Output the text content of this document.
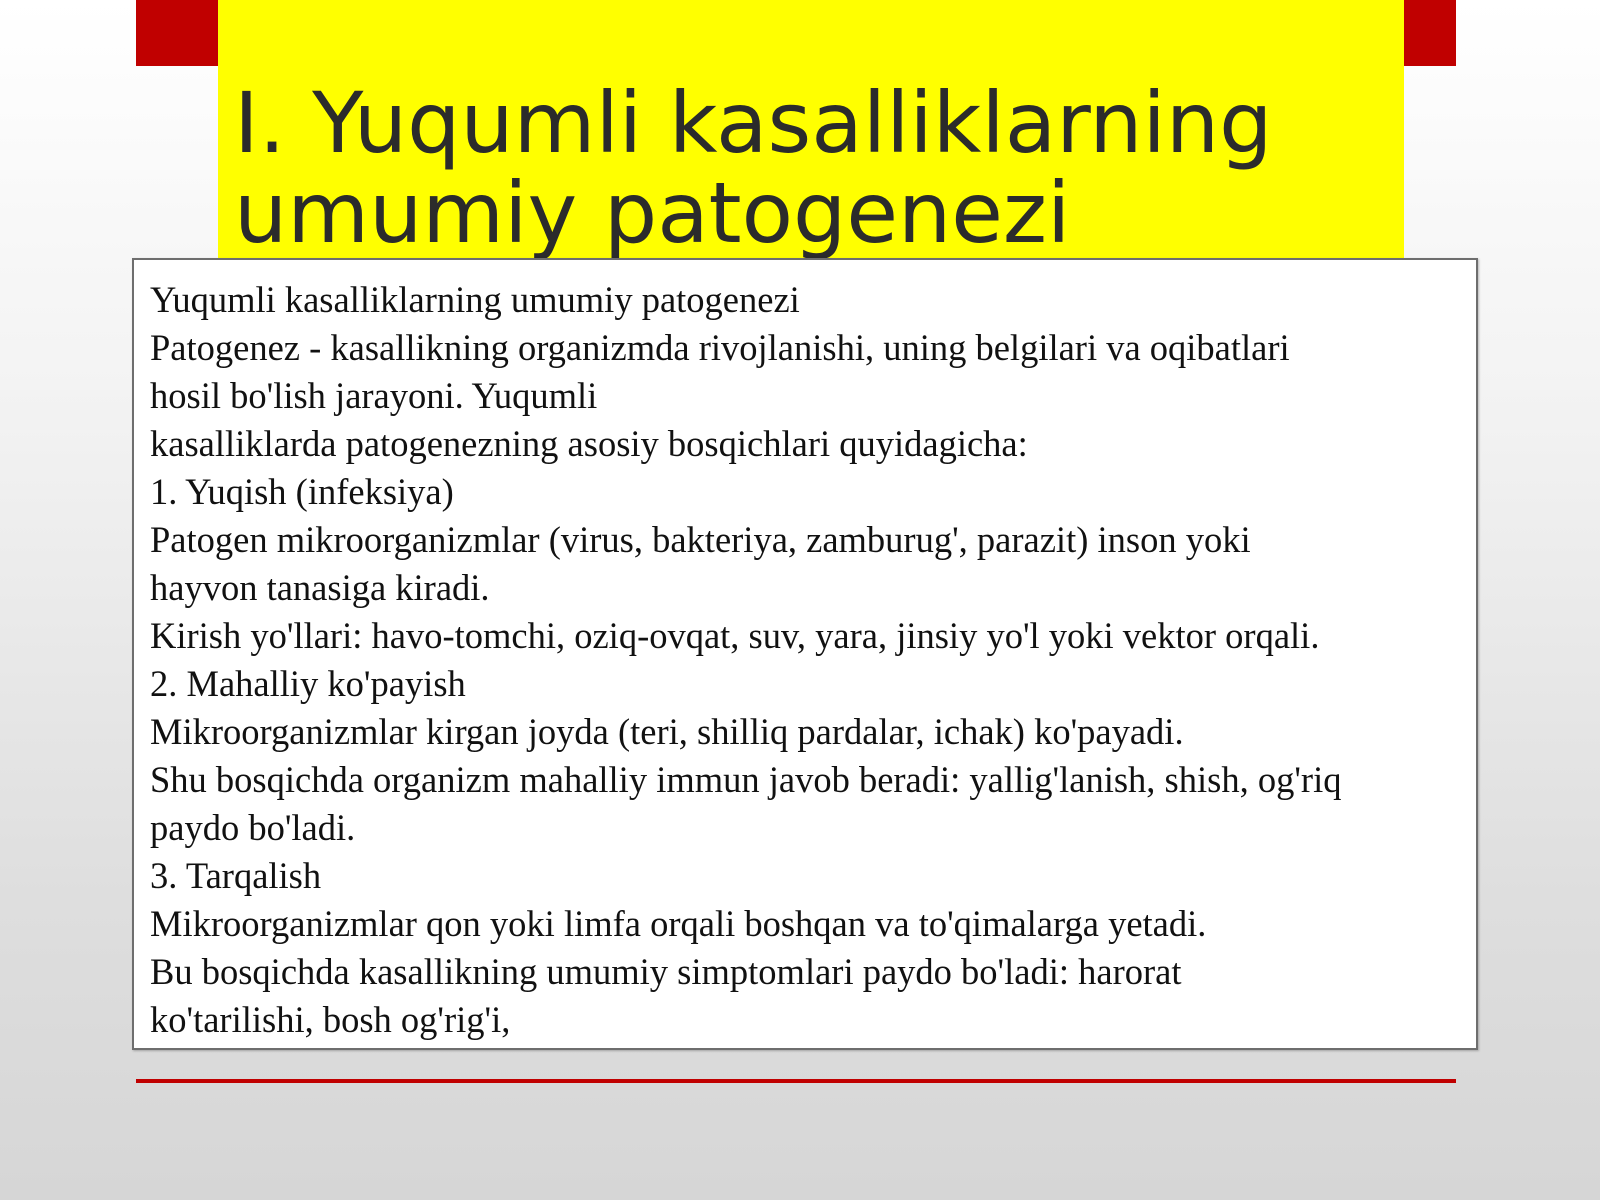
I. Yuqumli kasalliklarning umumiy patogenezi
Yuqumli kasalliklarning umumiy patogenezi
Patogenez - kasallikning organizmda rivojlanishi, uning belgilari va oqibatlari
hosil bo'lish jarayoni. Yuqumli
kasalliklarda patogenezning asosiy bosqichlari quyidagicha:
1. Yuqish (infeksiya)
Patogen mikroorganizmlar (virus, bakteriya, zamburug', parazit) inson yoki
hayvon tanasiga kiradi.
Kirish yo'llari: havo-tomchi, oziq-ovqat, suv, yara, jinsiy yo'l yoki vektor orqali.
2. Mahalliy ko'payish
Mikroorganizmlar kirgan joyda (teri, shilliq pardalar, ichak) ko'payadi.
Shu bosqichda organizm mahalliy immun javob beradi: yallig'lanish, shish, og'riq
paydo bo'ladi.
3. Tarqalish
Mikroorganizmlar qon yoki limfa orqali boshqan va to'qimalarga yetadi.
Bu bosqichda kasallikning umumiy simptomlari paydo bo'ladi: harorat
ko'tarilishi, bosh og'rig'i,
